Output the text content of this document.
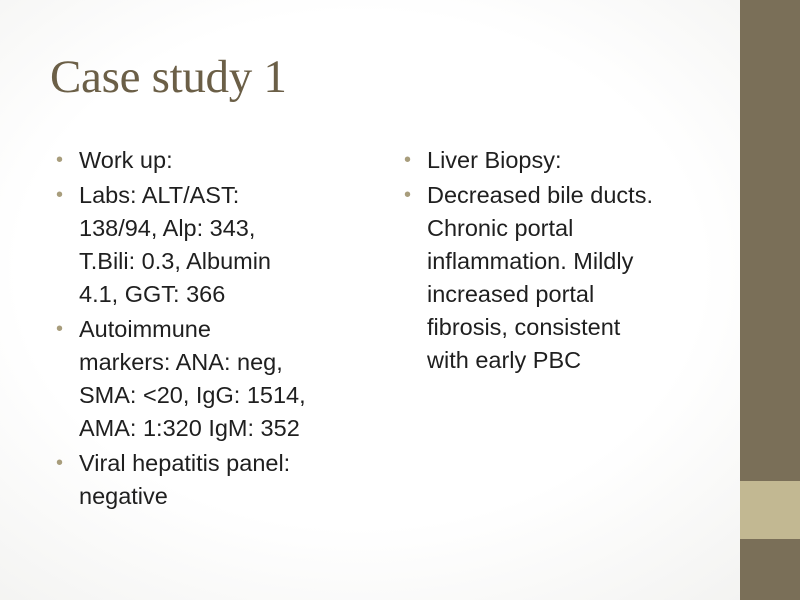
Case study 1
• Work up:
• Labs: ALT/AST:
138/94, Alp: 343,
T.Bili: 0.3, Albumin
4.1, GGT: 366
• Autoimmune
markers: ANA: neg,
SMA: <20, IgG: 1514,
AMA: 1:320 IgM: 352
• Viral hepatitis panel:
negative
• Liver Biopsy:
• Decreased bile ducts.
Chronic portal
inflammation. Mildly
increased portal
fibrosis, consistent
with early PBC
